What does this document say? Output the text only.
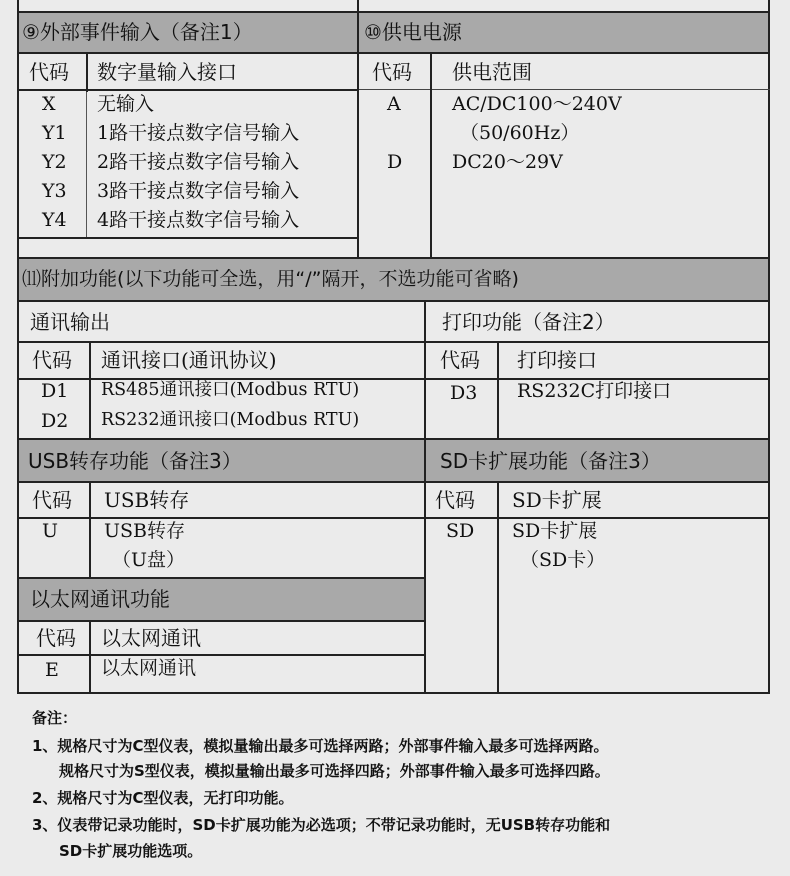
⑨外部事件输入（备注1）
代码 数字量输入接口
X 无输入
Y1 1路干接点数字信号输入
Y2 2路干接点数字信号输入
Y3 3路干接点数字信号输入
Y4 4路干接点数字信号输入
⑩供电电源
代码 供电范围
A	AC/DC100～240V
（50/60Hz）
D	DC20～29V
⑾附加功能(以下功能可全选，用“/”隔开，不选功能可省略)
通讯输出
代码 通讯接口(通讯协议)
D1 RS485通讯接口(Modbus RTU)
D2 RS232通讯接口(Modbus RTU)
打印功能（备注2）
代码 打印接口
D3 RS232C打印接口
USB转存功能（备注3）
代码 USB转存
U USB转存
（U盘）
SD卡扩展功能（备注3）
代码 SD卡扩展
SD SD卡扩展
（SD卡）
以太网通讯功能
代码 以太网通讯
E 以太网通讯
备注：
1、规格尺寸为C型仪表，模拟量输出最多可选择两路；外部事件输入最多可选择两路。
规格尺寸为S型仪表，模拟量输出最多可选择四路；外部事件输入最多可选择四路。
2、规格尺寸为C型仪表，无打印功能。
3、仪表带记录功能时，SD卡扩展功能为必选项；不带记录功能时，无USB转存功能和
SD卡扩展功能选项。
